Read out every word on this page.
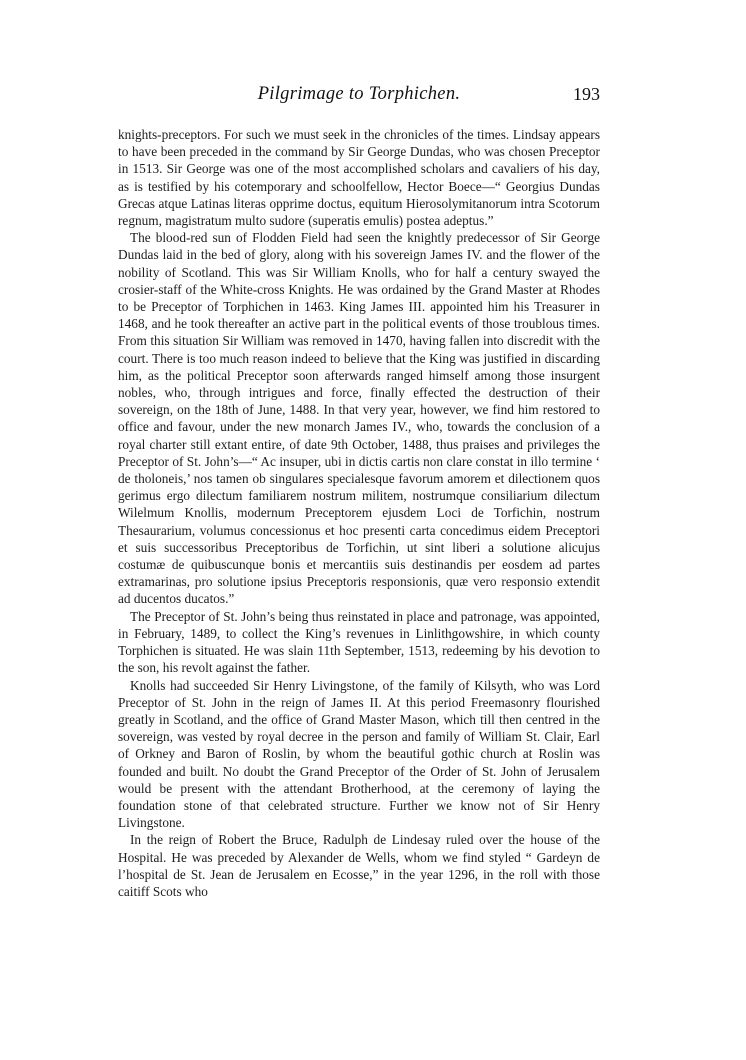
Pilgrimage to Torphichen.	193

knights-preceptors. For such we must seek in the chronicles of the times. Lindsay appears to have been preceded in the command by Sir George Dundas, who was chosen Preceptor in 1513. Sir George was one of the most accomplished scholars and cavaliers of his day, as is testified by his cotemporary and schoolfellow, Hector Boece—“ Georgius Dundas Grecas atque Latinas literas opprime doctus, equitum Hierosolymitanorum intra Scotorum regnum, magistratum multo sudore (superatis emulis) postea adeptus.”

The blood-red sun of Flodden Field had seen the knightly predecessor of Sir George Dundas laid in the bed of glory, along with his sovereign James IV. and the flower of the nobility of Scotland. This was Sir William Knolls, who for half a century swayed the crosier-staff of the White-cross Knights. He was ordained by the Grand Master at Rhodes to be Preceptor of Torphichen in 1463. King James III. appointed him his Treasurer in 1468, and he took thereafter an active part in the political events of those troublous times. From this situation Sir William was removed in 1470, having fallen into discredit with the court. There is too much reason indeed to believe that the King was justified in discarding him, as the political Preceptor soon afterwards ranged himself among those insurgent nobles, who, through intrigues and force, finally effected the destruction of their sovereign, on the 18th of June, 1488. In that very year, however, we find him restored to office and favour, under the new monarch James IV., who, towards the conclusion of a royal charter still extant entire, of date 9th October, 1488, thus praises and privileges the Preceptor of St. John’s—“ Ac insuper, ubi in dictis cartis non clare constat in illo termine ‘ de tholoneis,’ nos tamen ob singulares specialesque favorum amorem et dilectionem quos gerimus ergo dilectum familiarem nostrum militem, nostrumque consiliarium dilectum Wilelmum Knollis, modernum Preceptorem ejusdem Loci de Torfichin, nostrum Thesaurarium, volumus concessionus et hoc presenti carta concedimus eidem Preceptori et suis successoribus Preceptoribus de Torfichin, ut sint liberi a solutione alicujus costumæ de quibuscunque bonis et mercantiis suis destinandis per eosdem ad partes extramarinas, pro solutione ipsius Preceptoris responsionis, quæ vero responsio extendit ad ducentos ducatos.”

The Preceptor of St. John’s being thus reinstated in place and patronage, was appointed, in February, 1489, to collect the King’s revenues in Linlithgowshire, in which county Torphichen is situated. He was slain 11th September, 1513, redeeming by his devotion to the son, his revolt against the father.

Knolls had succeeded Sir Henry Livingstone, of the family of Kilsyth, who was Lord Preceptor of St. John in the reign of James II. At this period Freemasonry flourished greatly in Scotland, and the office of Grand Master Mason, which till then centred in the sovereign, was vested by royal decree in the person and family of William St. Clair, Earl of Orkney and Baron of Roslin, by whom the beautiful gothic church at Roslin was founded and built. No doubt the Grand Preceptor of the Order of St. John of Jerusalem would be present with the attendant Brotherhood, at the ceremony of laying the foundation stone of that celebrated structure. Further we know not of Sir Henry Livingstone.

In the reign of Robert the Bruce, Radulph de Lindesay ruled over the house of the Hospital. He was preceded by Alexander de Wells, whom we find styled “ Gardeyn de l’hospital de St. Jean de Jerusalem en Ecosse,” in the year 1296, in the roll with those caitiff Scots who
